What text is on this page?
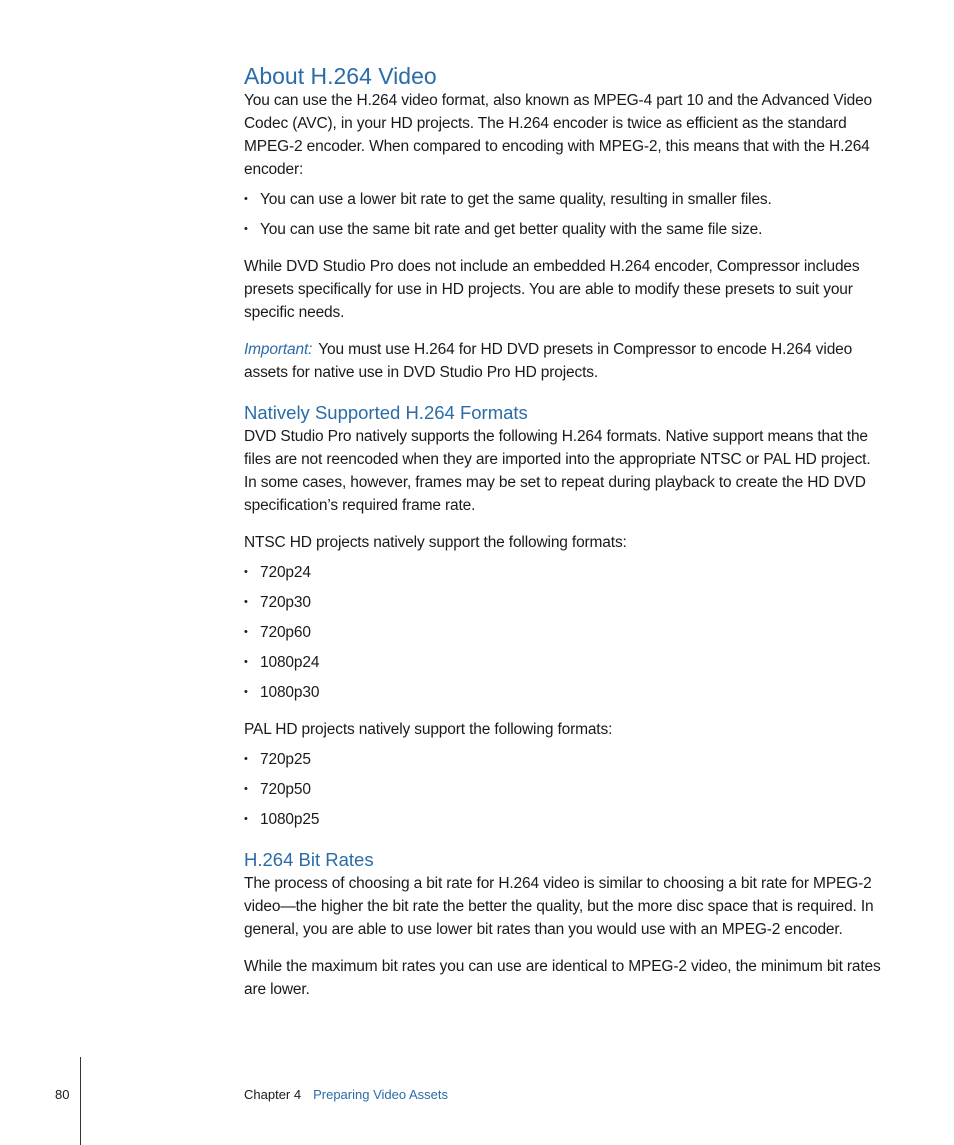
About H.264 Video

You can use the H.264 video format, also known as MPEG-4 part 10 and the Advanced Video Codec (AVC), in your HD projects. The H.264 encoder is twice as efficient as the standard MPEG-2 encoder. When compared to encoding with MPEG-2, this means that with the H.264 encoder:

• You can use a lower bit rate to get the same quality, resulting in smaller files.
• You can use the same bit rate and get better quality with the same file size.

While DVD Studio Pro does not include an embedded H.264 encoder, Compressor includes presets specifically for use in HD projects. You are able to modify these presets to suit your specific needs.

Important: You must use H.264 for HD DVD presets in Compressor to encode H.264 video assets for native use in DVD Studio Pro HD projects.

Natively Supported H.264 Formats

DVD Studio Pro natively supports the following H.264 formats. Native support means that the files are not reencoded when they are imported into the appropriate NTSC or PAL HD project. In some cases, however, frames may be set to repeat during playback to create the HD DVD specification’s required frame rate.

NTSC HD projects natively support the following formats:

• 720p24
• 720p30
• 720p60
• 1080p24
• 1080p30

PAL HD projects natively support the following formats:

• 720p25
• 720p50
• 1080p25
H.264 Bit Rates

The process of choosing a bit rate for H.264 video is similar to choosing a bit rate for MPEG-2 video—the higher the bit rate the better the quality, but the more disc space that is required. In general, you are able to use lower bit rates than you would use with an MPEG-2 encoder.

While the maximum bit rates you can use are identical to MPEG-2 video, the minimum bit rates are lower.

80	Chapter 4 Preparing Video Assets
